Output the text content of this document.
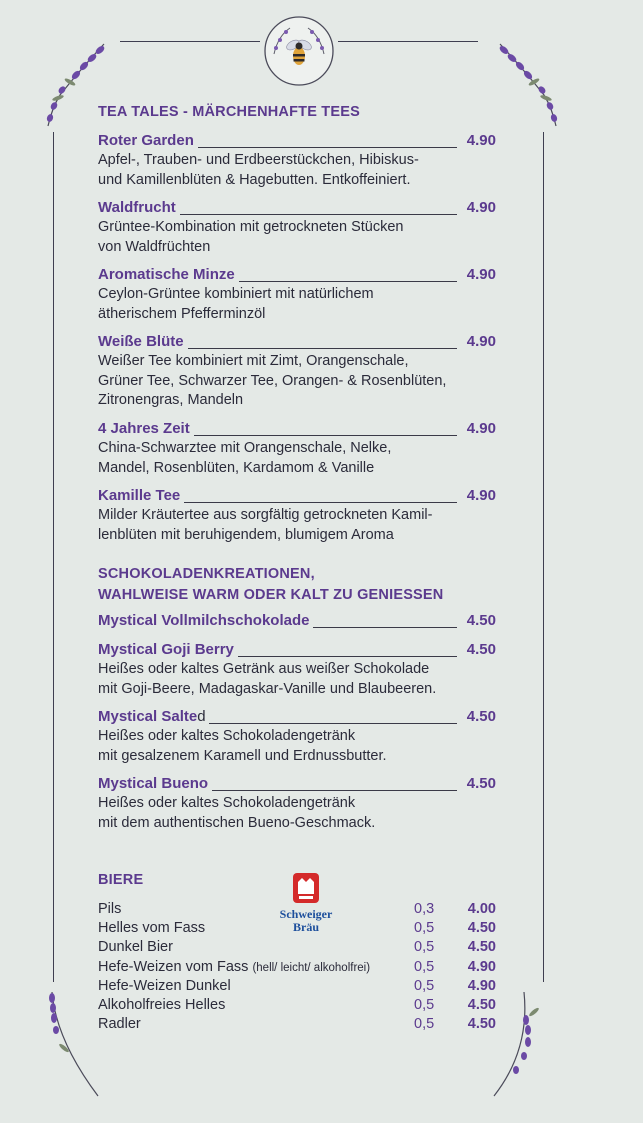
TEA TALES - MÄRCHENHAFTE TEES
Roter Garden	4.90
Apfel-, Trauben- und Erdbeerstückchen, Hibiskus-
und Kamillenblüten & Hagebutten. Entkoffeiniert.
Waldfrucht	4.90
Grüntee-Kombination mit getrockneten Stücken
von Waldfrüchten
Aromatische Minze	4.90
Ceylon-Grüntee kombiniert mit natürlichem
ätherischem Pfefferminzöl
Weiße Blüte	4.90
Weißer Tee kombiniert mit Zimt, Orangenschale,
Grüner Tee, Schwarzer Tee, Orangen- & Rosenblüten,
Zitronengras, Mandeln
4 Jahres Zeit	4.90
China-Schwarztee mit Orangenschale, Nelke,
Mandel, Rosenblüten, Kardamom & Vanille
Kamille Tee	4.90
Milder Kräutertee aus sorgfältig getrockneten Kamil-
lenblüten mit beruhigendem, blumigem Aroma
SCHOKOLADENKREATIONEN,
WAHLWEISE WARM ODER KALT ZU GENIESSEN
Mystical Vollmilchschokolade	4.50
Mystical Goji Berry	4.50
Heißes oder kaltes Getränk aus weißer Schokolade
mit Goji-Beere, Madagaskar-Vanille und Blaubeeren.
Mystical Salted	4.50
Heißes oder kaltes Schokoladengetränk
mit gesalzenem Karamell und Erdnussbutter.
Mystical Bueno	4.50
Heißes oder kaltes Schokoladengetränk
mit dem authentischen Bueno-Geschmack.
BIERE
Schweiger
Bräu
Pils	0,3 4.00
Helles vom Fass	0,5 4.50
Dunkel Bier	0,5 4.50
Hefe-Weizen vom Fass (hell/ leicht/ alkoholfrei)	0,5 4.90
Hefe-Weizen Dunkel	0,5 4.90
Alkoholfreies Helles	0,5 4.50
Radler	0,5 4.50
